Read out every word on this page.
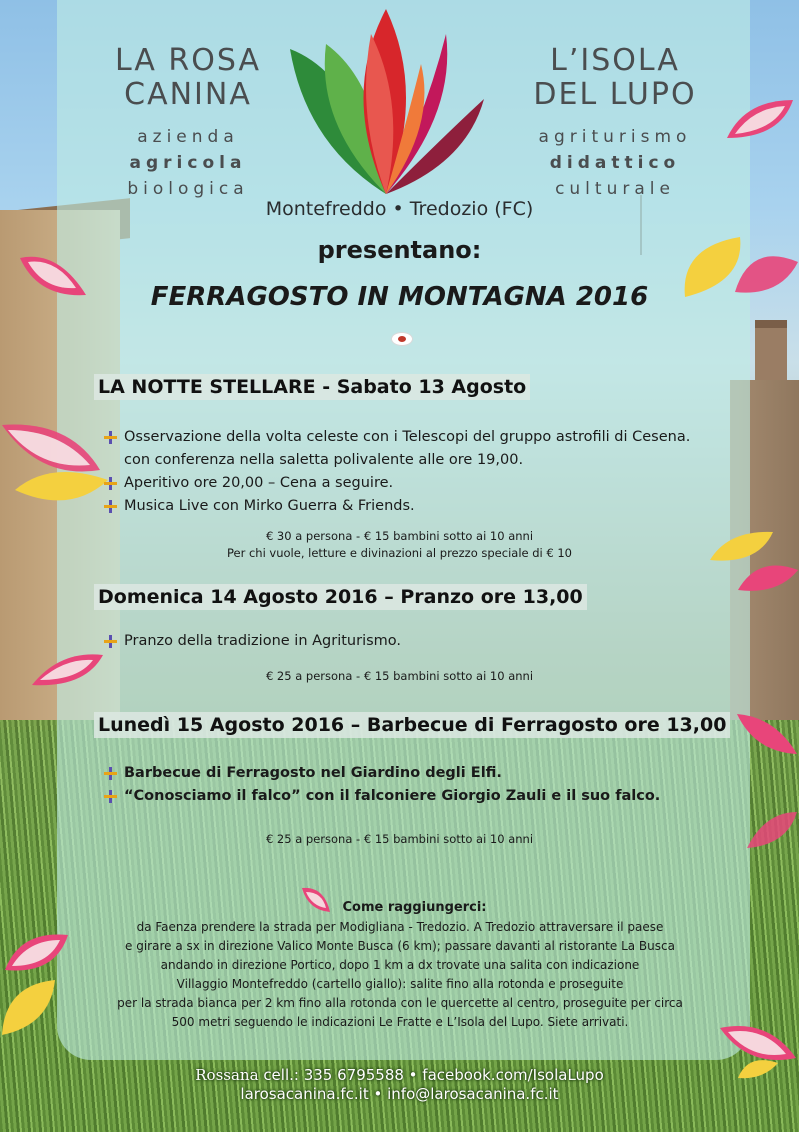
LA ROSA
CANINA
azienda
agricola
biologica
L’ISOLA
DEL LUPO
agriturismo
didattico
culturale
Montefreddo • Tredozio (FC)
presentano:
FERRAGOSTO IN MONTAGNA 2016
LA NOTTE STELLARE - Sabato 13 Agosto
Osservazione della volta celeste con i Telescopi del gruppo astrofili di Cesena.
con conferenza nella saletta polivalente alle ore 19,00.
Aperitivo ore 20,00 – Cena a seguire.
Musica Live con Mirko Guerra & Friends.
€ 30 a persona - € 15 bambini sotto ai 10 anni
Per chi vuole, letture e divinazioni al prezzo speciale di € 10
Domenica 14 Agosto 2016 – Pranzo ore 13,00
Pranzo della tradizione in Agriturismo.
€ 25 a persona - € 15 bambini sotto ai 10 anni
Lunedì 15 Agosto 2016 – Barbecue di Ferragosto ore 13,00
Barbecue di Ferragosto nel Giardino degli Elfi.
“Conosciamo il falco” con il falconiere Giorgio Zauli e il suo falco.
€ 25 a persona - € 15 bambini sotto ai 10 anni
Come raggiungerci:
da Faenza prendere la strada per Modigliana - Tredozio. A Tredozio attraversare il paese
e girare a sx in direzione Valico Monte Busca (6 km); passare davanti al ristorante La Busca
andando in direzione Portico, dopo 1 km a dx trovate una salita con indicazione
Villaggio Montefreddo (cartello giallo): salite fino alla rotonda e proseguite
per la strada bianca per 2 km fino alla rotonda con le quercette al centro, proseguite per circa
500 metri seguendo le indicazioni Le Fratte e L’Isola del Lupo. Siete arrivati.
Rossana cell.: 335 6795588 • facebook.com/IsolaLupo
larosacanina.fc.it • info@larosacanina.fc.it
